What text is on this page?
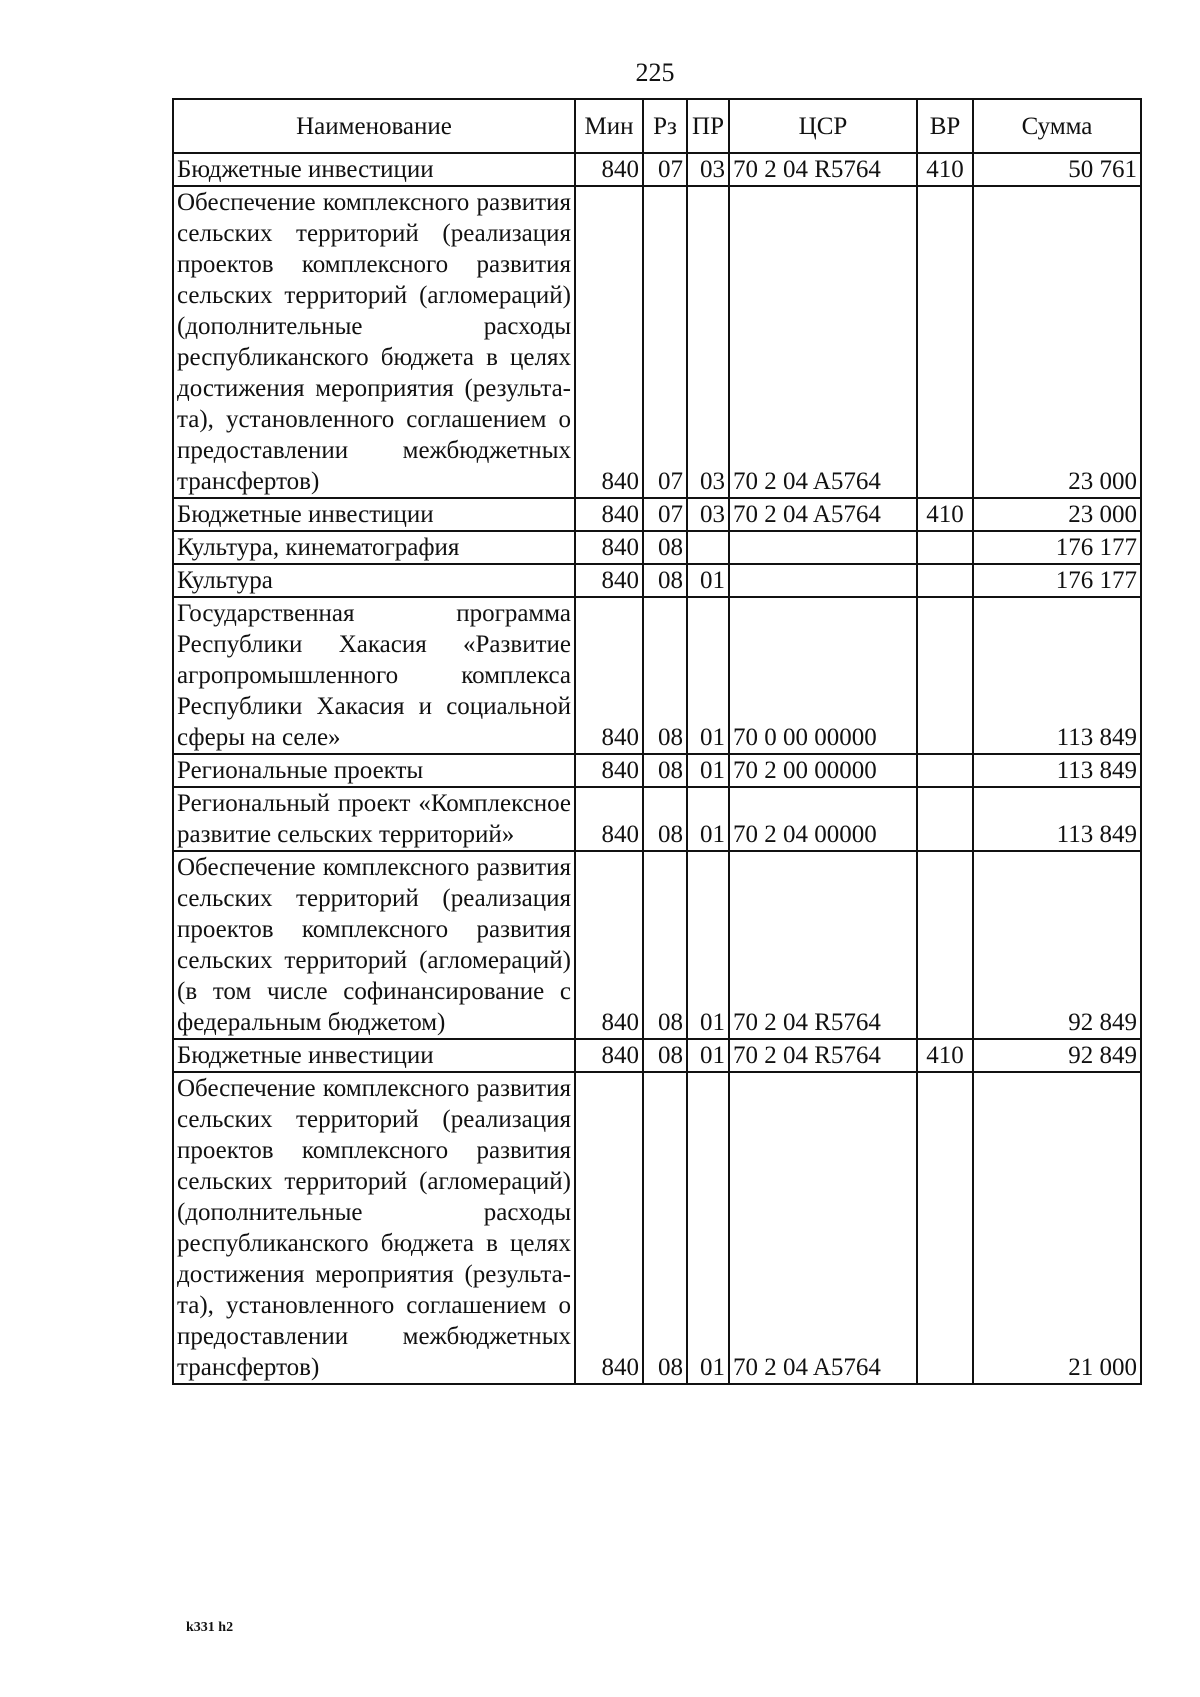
225
Наименование	Мин	Рз	ПР	ЦСР	ВР	Сумма
Бюджетные инвестиции	840	07	03	70 2 04 R5764	410	50 761
Обеспечение комплексного развития сельских территорий (реализация проектов комплексного развития сельских территорий (агломераций) (дополнительные расходы республиканского бюджета в целях достижения мероприятия (результата), установленного соглашением о предоставлении межбюджетных трансфертов)	840	07	03	70 2 04 A5764		23 000
Бюджетные инвестиции	840	07	03	70 2 04 A5764	410	23 000
Культура, кинематография	840	08				176 177
Культура	840	08	01			176 177
Государственная программа Республики Хакасия «Развитие агропромышленного комплекса Республики Хакасия и социальной сферы на селе»	840	08	01	70 0 00 00000		113 849
Региональные проекты	840	08	01	70 2 00 00000		113 849
Региональный проект «Комплексное развитие сельских территорий»	840	08	01	70 2 04 00000		113 849
Обеспечение комплексного развития сельских территорий (реализация проектов комплексного развития сельских территорий (агломераций) (в том числе софинансирование с федеральным бюджетом)	840	08	01	70 2 04 R5764		92 849
Бюджетные инвестиции	840	08	01	70 2 04 R5764	410	92 849
Обеспечение комплексного развития сельских территорий (реализация проектов комплексного развития сельских территорий (агломераций) (дополнительные расходы республиканского бюджета в целях достижения мероприятия (результата), установленного соглашением о предоставлении межбюджетных трансфертов)	840	08	01	70 2 04 A5764		21 000
k331 h2
